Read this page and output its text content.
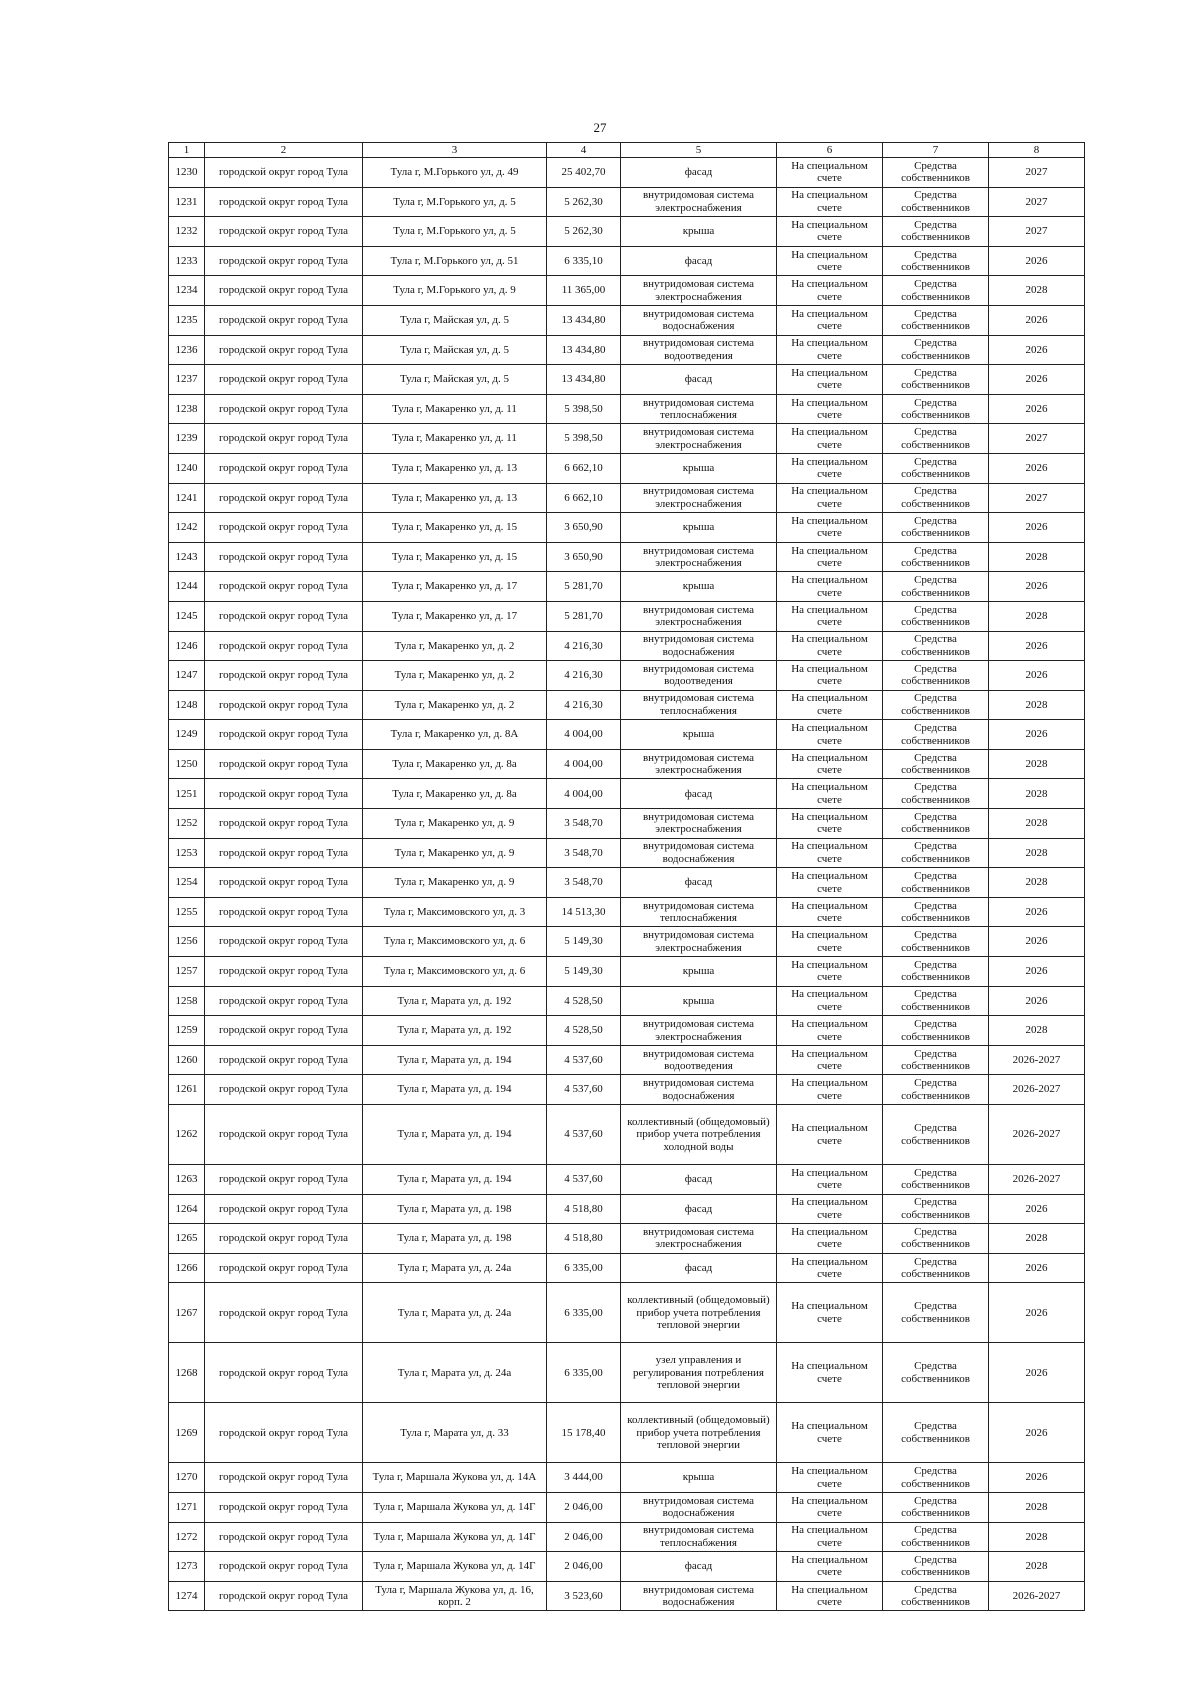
27
1	2	3	4	5	6	7	8
1230	городской округ город Тула	Тула г, М.Горького ул, д. 49	25 402,70	фасад	На специальном счете	Средства собственников	2027
1231	городской округ город Тула	Тула г, М.Горького ул, д. 5	5 262,30	внутридомовая система электроснабжения	На специальном счете	Средства собственников	2027
1232	городской округ город Тула	Тула г, М.Горького ул, д. 5	5 262,30	крыша	На специальном счете	Средства собственников	2027
1233	городской округ город Тула	Тула г, М.Горького ул, д. 51	6 335,10	фасад	На специальном счете	Средства собственников	2026
1234	городской округ город Тула	Тула г, М.Горького ул, д. 9	11 365,00	внутридомовая система электроснабжения	На специальном счете	Средства собственников	2028
1235	городской округ город Тула	Тула г, Майская ул, д. 5	13 434,80	внутридомовая система водоснабжения	На специальном счете	Средства собственников	2026
1236	городской округ город Тула	Тула г, Майская ул, д. 5	13 434,80	внутридомовая система водоотведения	На специальном счете	Средства собственников	2026
1237	городской округ город Тула	Тула г, Майская ул, д. 5	13 434,80	фасад	На специальном счете	Средства собственников	2026
1238	городской округ город Тула	Тула г, Макаренко ул, д. 11	5 398,50	внутридомовая система теплоснабжения	На специальном счете	Средства собственников	2026
1239	городской округ город Тула	Тула г, Макаренко ул, д. 11	5 398,50	внутридомовая система электроснабжения	На специальном счете	Средства собственников	2027
1240	городской округ город Тула	Тула г, Макаренко ул, д. 13	6 662,10	крыша	На специальном счете	Средства собственников	2026
1241	городской округ город Тула	Тула г, Макаренко ул, д. 13	6 662,10	внутридомовая система электроснабжения	На специальном счете	Средства собственников	2027
1242	городской округ город Тула	Тула г, Макаренко ул, д. 15	3 650,90	крыша	На специальном счете	Средства собственников	2026
1243	городской округ город Тула	Тула г, Макаренко ул, д. 15	3 650,90	внутридомовая система электроснабжения	На специальном счете	Средства собственников	2028
1244	городской округ город Тула	Тула г, Макаренко ул, д. 17	5 281,70	крыша	На специальном счете	Средства собственников	2026
1245	городской округ город Тула	Тула г, Макаренко ул, д. 17	5 281,70	внутридомовая система электроснабжения	На специальном счете	Средства собственников	2028
1246	городской округ город Тула	Тула г, Макаренко ул, д. 2	4 216,30	внутридомовая система водоснабжения	На специальном счете	Средства собственников	2026
1247	городской округ город Тула	Тула г, Макаренко ул, д. 2	4 216,30	внутридомовая система водоотведения	На специальном счете	Средства собственников	2026
1248	городской округ город Тула	Тула г, Макаренко ул, д. 2	4 216,30	внутридомовая система теплоснабжения	На специальном счете	Средства собственников	2028
1249	городской округ город Тула	Тула г, Макаренко ул, д. 8А	4 004,00	крыша	На специальном счете	Средства собственников	2026
1250	городской округ город Тула	Тула г, Макаренко ул, д. 8а	4 004,00	внутридомовая система электроснабжения	На специальном счете	Средства собственников	2028
1251	городской округ город Тула	Тула г, Макаренко ул, д. 8а	4 004,00	фасад	На специальном счете	Средства собственников	2028
1252	городской округ город Тула	Тула г, Макаренко ул, д. 9	3 548,70	внутридомовая система электроснабжения	На специальном счете	Средства собственников	2028
1253	городской округ город Тула	Тула г, Макаренко ул, д. 9	3 548,70	внутридомовая система водоснабжения	На специальном счете	Средства собственников	2028
1254	городской округ город Тула	Тула г, Макаренко ул, д. 9	3 548,70	фасад	На специальном счете	Средства собственников	2028
1255	городской округ город Тула	Тула г, Максимовского ул, д. 3	14 513,30	внутридомовая система теплоснабжения	На специальном счете	Средства собственников	2026
1256	городской округ город Тула	Тула г, Максимовского ул, д. 6	5 149,30	внутридомовая система электроснабжения	На специальном счете	Средства собственников	2026
1257	городской округ город Тула	Тула г, Максимовского ул, д. 6	5 149,30	крыша	На специальном счете	Средства собственников	2026
1258	городской округ город Тула	Тула г, Марата ул, д. 192	4 528,50	крыша	На специальном счете	Средства собственников	2026
1259	городской округ город Тула	Тула г, Марата ул, д. 192	4 528,50	внутридомовая система электроснабжения	На специальном счете	Средства собственников	2028
1260	городской округ город Тула	Тула г, Марата ул, д. 194	4 537,60	внутридомовая система водоотведения	На специальном счете	Средства собственников	2026-2027
1261	городской округ город Тула	Тула г, Марата ул, д. 194	4 537,60	внутридомовая система водоснабжения	На специальном счете	Средства собственников	2026-2027
1262	городской округ город Тула	Тула г, Марата ул, д. 194	4 537,60	коллективный (общедомовый) прибор учета потребления холодной воды	На специальном счете	Средства собственников	2026-2027
1263	городской округ город Тула	Тула г, Марата ул, д. 194	4 537,60	фасад	На специальном счете	Средства собственников	2026-2027
1264	городской округ город Тула	Тула г, Марата ул, д. 198	4 518,80	фасад	На специальном счете	Средства собственников	2026
1265	городской округ город Тула	Тула г, Марата ул, д. 198	4 518,80	внутридомовая система электроснабжения	На специальном счете	Средства собственников	2028
1266	городской округ город Тула	Тула г, Марата ул, д. 24а	6 335,00	фасад	На специальном счете	Средства собственников	2026
1267	городской округ город Тула	Тула г, Марата ул, д. 24а	6 335,00	коллективный (общедомовый) прибор учета потребления тепловой энергии	На специальном счете	Средства собственников	2026
1268	городской округ город Тула	Тула г, Марата ул, д. 24а	6 335,00	узел управления и регулирования потребления тепловой энергии	На специальном счете	Средства собственников	2026
1269	городской округ город Тула	Тула г, Марата ул, д. 33	15 178,40	коллективный (общедомовый) прибор учета потребления тепловой энергии	На специальном счете	Средства собственников	2026
1270	городской округ город Тула	Тула г, Маршала Жукова ул, д. 14А	3 444,00	крыша	На специальном счете	Средства собственников	2026
1271	городской округ город Тула	Тула г, Маршала Жукова ул, д. 14Г	2 046,00	внутридомовая система водоснабжения	На специальном счете	Средства собственников	2028
1272	городской округ город Тула	Тула г, Маршала Жукова ул, д. 14Г	2 046,00	внутридомовая система теплоснабжения	На специальном счете	Средства собственников	2028
1273	городской округ город Тула	Тула г, Маршала Жукова ул, д. 14Г	2 046,00	фасад	На специальном счете	Средства собственников	2028
1274	городской округ город Тула	Тула г, Маршала Жукова ул, д. 16, корп. 2	3 523,60	внутридомовая система водоснабжения	На специальном счете	Средства собственников	2026-2027
